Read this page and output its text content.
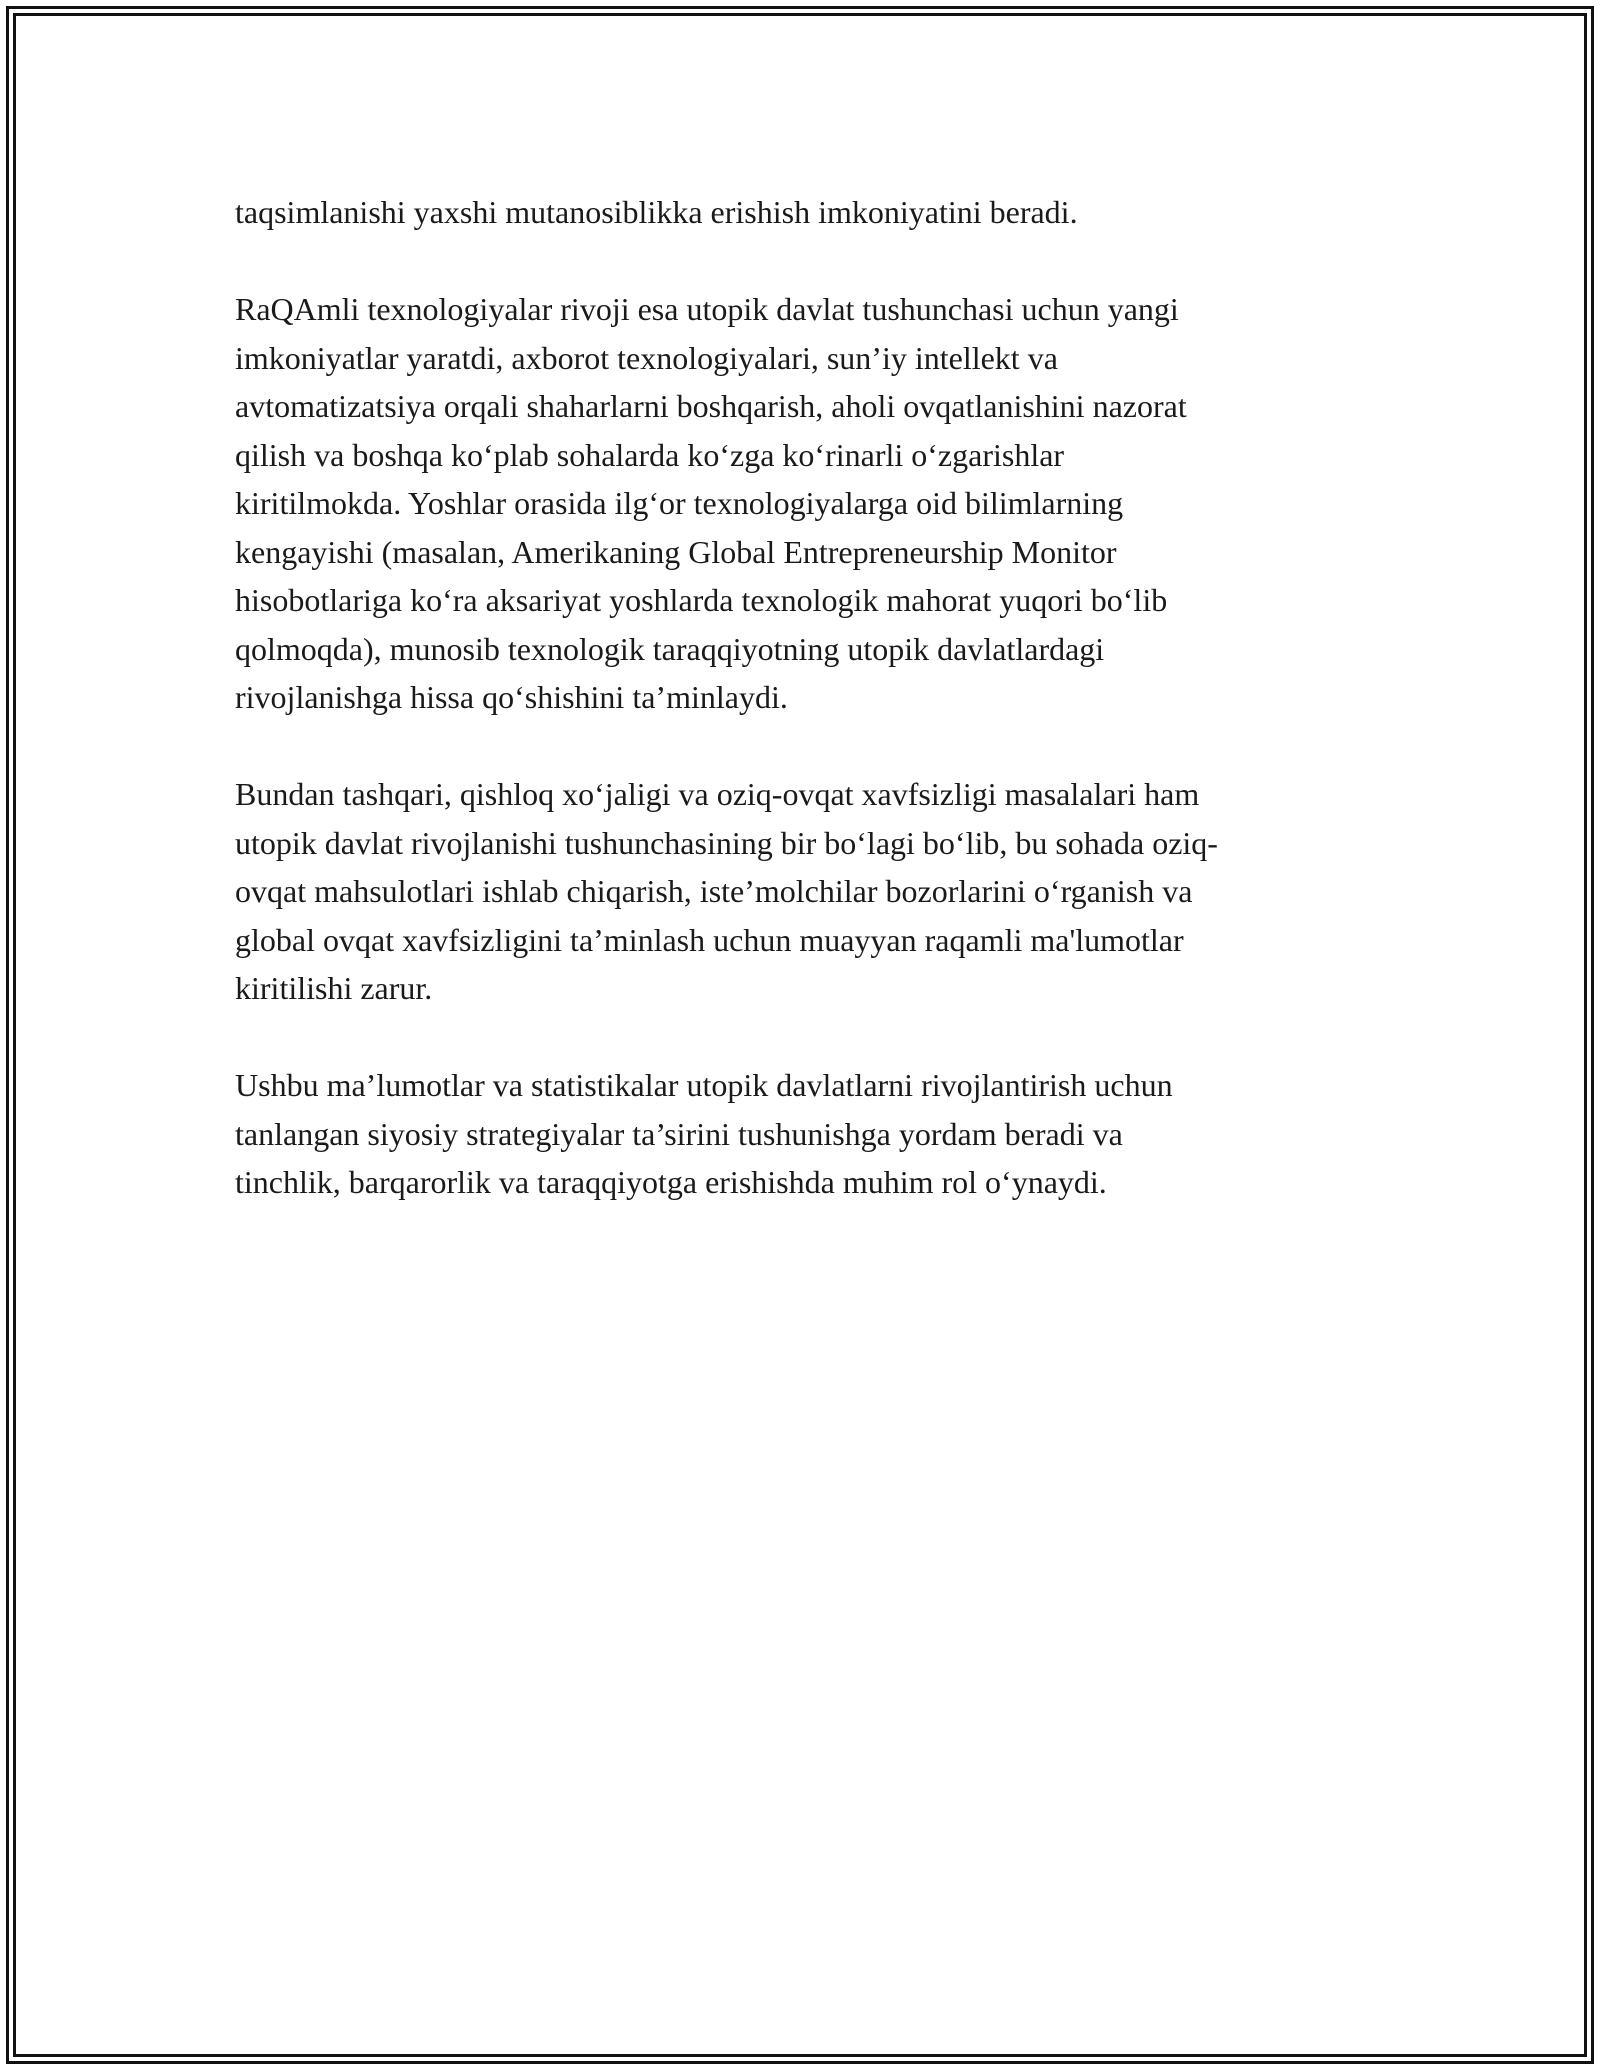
taqsimlanishi yaxshi mutanosiblikka erishish imkoniyatini beradi.
RaQAmli texnologiyalar rivoji esa utopik davlat tushunchasi uchun yangi
imkoniyatlar yaratdi, axborot texnologiyalari, sun’iy intellekt va
avtomatizatsiya orqali shaharlarni boshqarish, aholi ovqatlanishini nazorat
qilish va boshqa ko‘plab sohalarda ko‘zga ko‘rinarli o‘zgarishlar
kiritilmokda. Yoshlar orasida ilg‘or texnologiyalarga oid bilimlarning
kengayishi (masalan, Amerikaning Global Entrepreneurship Monitor
hisobotlariga ko‘ra aksariyat yoshlarda texnologik mahorat yuqori bo‘lib
qolmoqda), munosib texnologik taraqqiyotning utopik davlatlardagi
rivojlanishga hissa qo‘shishini ta’minlaydi.
Bundan tashqari, qishloq xo‘jaligi va oziq-ovqat xavfsizligi masalalari ham
utopik davlat rivojlanishi tushunchasining bir bo‘lagi bo‘lib, bu sohada oziq-
ovqat mahsulotlari ishlab chiqarish, iste’molchilar bozorlarini o‘rganish va
global ovqat xavfsizligini ta’minlash uchun muayyan raqamli ma'lumotlar
kiritilishi zarur.
Ushbu ma’lumotlar va statistikalar utopik davlatlarni rivojlantirish uchun
tanlangan siyosiy strategiyalar ta’sirini tushunishga yordam beradi va
tinchlik, barqarorlik va taraqqiyotga erishishda muhim rol o‘ynaydi.
